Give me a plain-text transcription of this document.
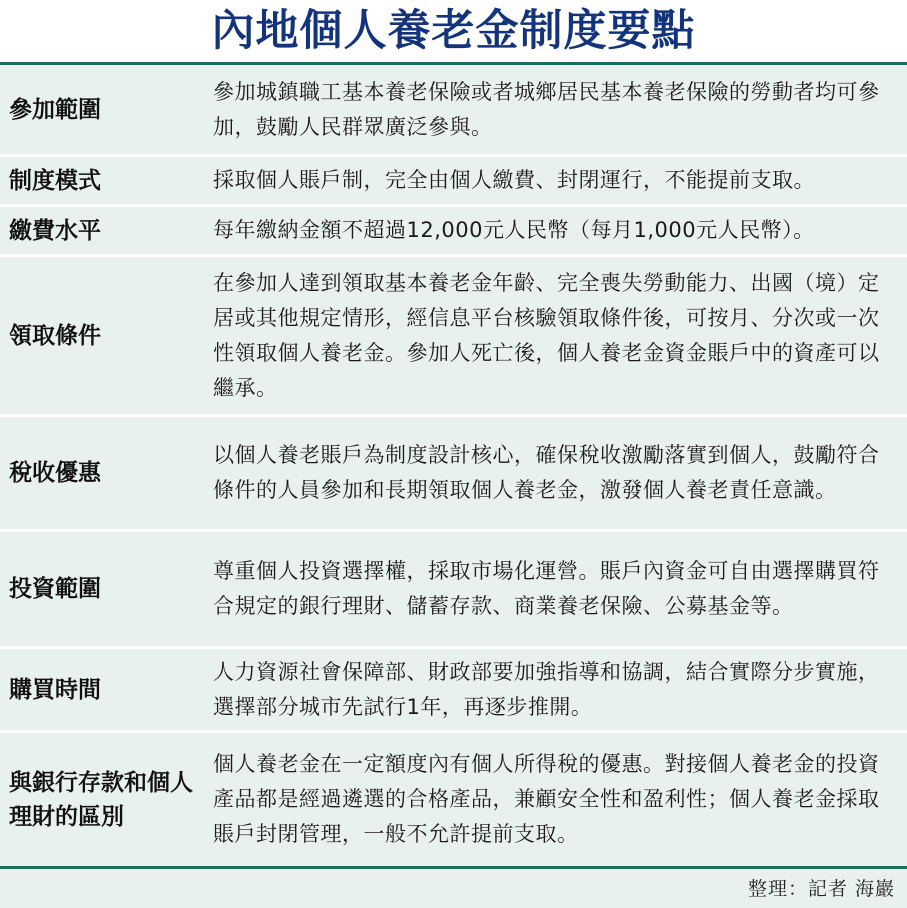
內地個人養老金制度要點
參加範圍
參加城鎮職工基本養老保險或者城鄉居民基本養老保險的勞動者均可參加，鼓勵人民群眾廣泛參與。
制度模式	採取個人賬戶制，完全由個人繳費、封閉運行，不能提前支取。
繳費水平	每年繳納金額不超過12,000元人民幣（每月1,000元人民幣）。
領取條件
在參加人達到領取基本養老金年齡、完全喪失勞動能力、出國（境）定居或其他規定情形，經信息平台核驗領取條件後，可按月、分次或一次性領取個人養老金。參加人死亡後，個人養老金資金賬戶中的資產可以繼承。
稅收優惠
以個人養老賬戶為制度設計核心，確保稅收激勵落實到個人，鼓勵符合條件的人員參加和長期領取個人養老金，激發個人養老責任意識。
投資範圍
尊重個人投資選擇權，採取市場化運營。賬戶內資金可自由選擇購買符合規定的銀行理財、儲蓄存款、商業養老保險、公募基金等。
購買時間
人力資源社會保障部、財政部要加強指導和協調，結合實際分步實施，選擇部分城市先試行1年，再逐步推開。
與銀行存款和個人理財的區別
個人養老金在一定額度內有個人所得稅的優惠。對接個人養老金的投資產品都是經過遴選的合格產品，兼顧安全性和盈利性；個人養老金採取賬戶封閉管理，一般不允許提前支取。
整理：記者 海巖
